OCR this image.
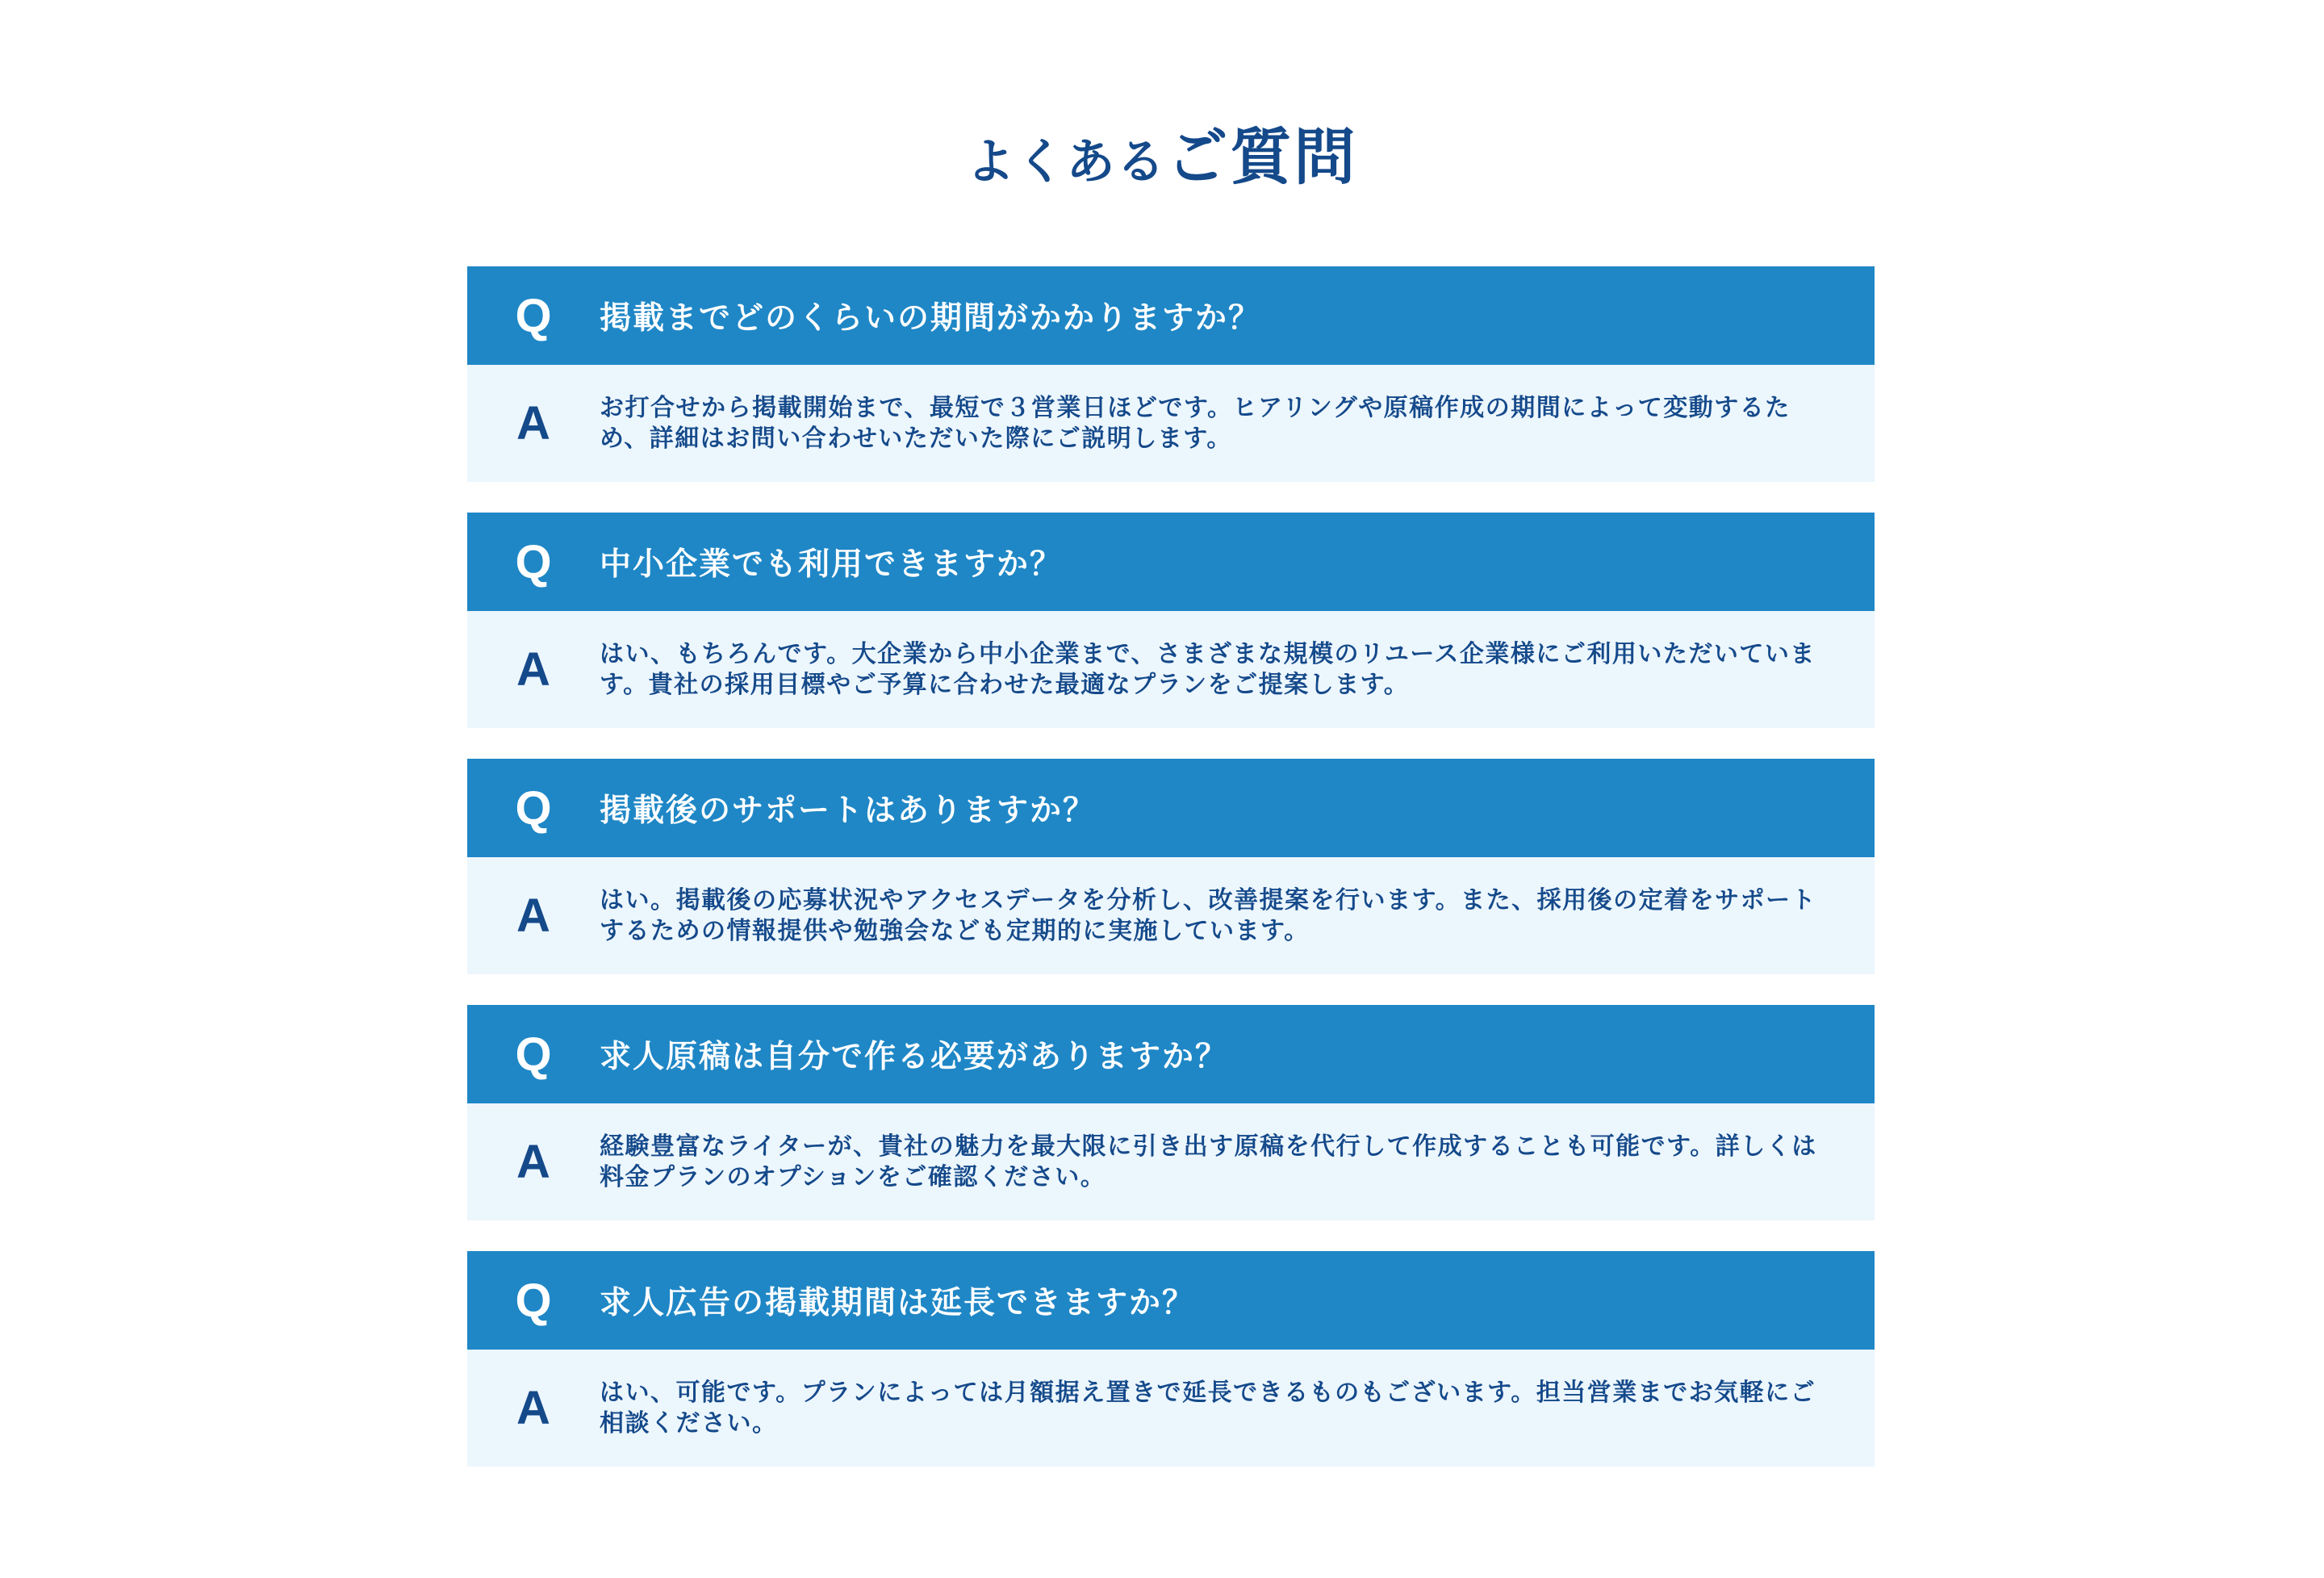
よくあるご質問
Q	掲載までどのくらいの期間がかかりますか？
A	お打合せから掲載開始まで、最短で３営業日ほどです。ヒアリングや原稿作成の期間によって変動するため、詳細はお問い合わせいただいた際にご説明します。
Q	中小企業でも利用できますか？
A	はい、もちろんです。大企業から中小企業まで、さまざまな規模のリユース企業様にご利用いただいています。貴社の採用目標やご予算に合わせた最適なプランをご提案します。
Q	掲載後のサポートはありますか？
A	はい。掲載後の応募状況やアクセスデータを分析し、改善提案を行います。また、採用後の定着をサポートするための情報提供や勉強会なども定期的に実施しています。
Q	求人原稿は自分で作る必要がありますか？
A	経験豊富なライターが、貴社の魅力を最大限に引き出す原稿を代行して作成することも可能です。詳しくは料金プランのオプションをご確認ください。
Q	求人広告の掲載期間は延長できますか？
A	はい、可能です。プランによっては月額据え置きで延長できるものもございます。担当営業までお気軽にご相談ください。
